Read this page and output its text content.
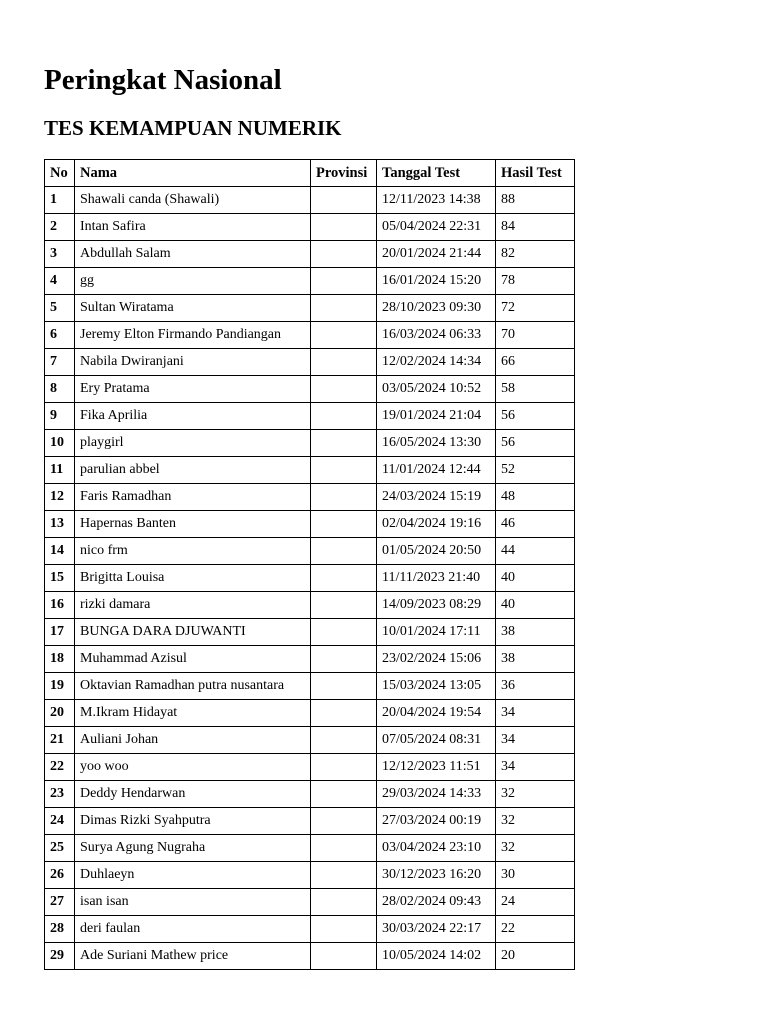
Peringkat Nasional
TES KEMAMPUAN NUMERIK
No	Nama	Provinsi	Tanggal Test	Hasil Test
1	Shawali canda (Shawali)		12/11/2023 14:38	88
2	Intan Safira		05/04/2024 22:31	84
3	Abdullah Salam		20/01/2024 21:44	82
4	gg		16/01/2024 15:20	78
5	Sultan Wiratama		28/10/2023 09:30	72
6	Jeremy Elton Firmando Pandiangan		16/03/2024 06:33	70
7	Nabila Dwiranjani		12/02/2024 14:34	66
8	Ery Pratama		03/05/2024 10:52	58
9	Fika Aprilia		19/01/2024 21:04	56
10	playgirl		16/05/2024 13:30	56
11	parulian abbel		11/01/2024 12:44	52
12	Faris Ramadhan		24/03/2024 15:19	48
13	Hapernas Banten		02/04/2024 19:16	46
14	nico frm		01/05/2024 20:50	44
15	Brigitta Louisa		11/11/2023 21:40	40
16	rizki damara		14/09/2023 08:29	40
17	BUNGA DARA DJUWANTI		10/01/2024 17:11	38
18	Muhammad Azisul		23/02/2024 15:06	38
19	Oktavian Ramadhan putra nusantara		15/03/2024 13:05	36
20	M.Ikram Hidayat		20/04/2024 19:54	34
21	Auliani Johan		07/05/2024 08:31	34
22	yoo woo		12/12/2023 11:51	34
23	Deddy Hendarwan		29/03/2024 14:33	32
24	Dimas Rizki Syahputra		27/03/2024 00:19	32
25	Surya Agung Nugraha		03/04/2024 23:10	32
26	Duhlaeyn		30/12/2023 16:20	30
27	isan isan		28/02/2024 09:43	24
28	deri faulan		30/03/2024 22:17	22
29	Ade Suriani Mathew price		10/05/2024 14:02	20
